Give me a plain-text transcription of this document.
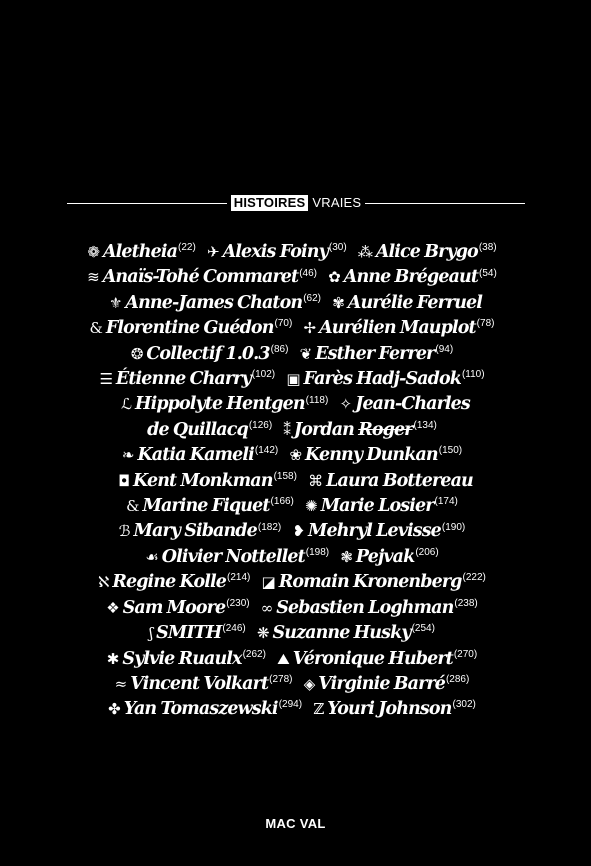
HISTOIRES VRAIES
❁ Aletheia$^{(22)}$ ✈ Alexis Foiny$^{(30)}$ ⁂ Alice Brygo$^{(38)}$
≋ Anaïs-Tohé Commaret$^{(46)}$ ✿ Anne Brégeaut$^{(54)}$
⚜ Anne-James Chaton$^{(62)}$ ✾ Aurélie Ferruel
& Florentine Guédon$^{(70)}$ ✢ Aurélien Mauplot$^{(78)}$
❂ Collectif 1.0.3$^{(86)}$ ❦ Esther Ferrer$^{(94)}$
☰ Étienne Charry$^{(102)}$ ▣ Farès Hadj-Sadok$^{(110)}$
ℒ Hippolyte Hentgen$^{(118)}$ ✧ Jean-Charles
de Quillacq$^{(126)}$ ⁑ Jordan Roger$^{(134)}$
❧ Katia Kameli$^{(142)}$ ❀ Kenny Dunkan$^{(150)}$
◘ Kent Monkman$^{(158)}$ ⌘ Laura Bottereau
& Marine Fiquet$^{(166)}$ ✺ Marie Losier$^{(174)}$
ℬ Mary Sibande$^{(182)}$ ❥ Mehryl Levisse$^{(190)}$
☙ Olivier Nottellet$^{(198)}$ ❃ Pejvak$^{(206)}$
ℵ Regine Kolle$^{(214)}$ ◪ Romain Kronenberg$^{(222)}$
❖ Sam Moore$^{(230)}$ ∞ Sebastien Loghman$^{(238)}$
ʃ SMITH$^{(246)}$ ❋ Suzanne Husky$^{(254)}$
✱ Sylvie Ruaulx$^{(262)}$ ⛰ Véronique Hubert$^{(270)}$
≈ Vincent Volkart$^{(278)}$ ◈ Virginie Barré$^{(286)}$
✤ Yan Tomaszewski$^{(294)}$ ℤ Youri Johnson$^{(302)}$

MAC VAL
